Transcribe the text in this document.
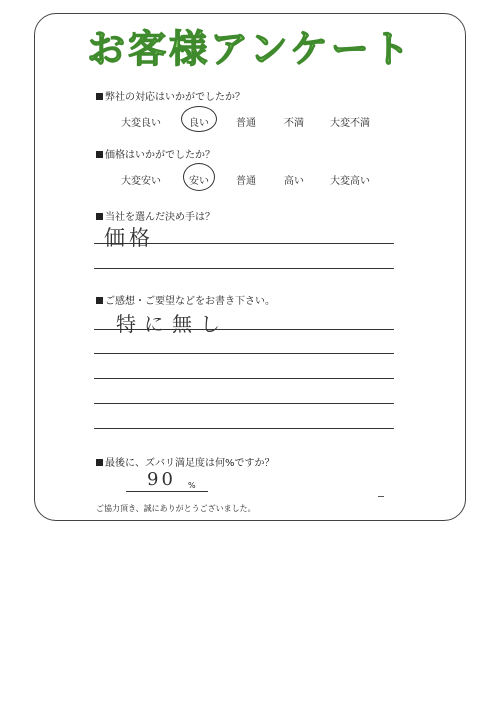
お客様アンケート
弊社の対応はいかがでしたか？
大変良い	良い	普通	不満	大変不満
価格はいかがでしたか？
大変安い	安い	普通	高い	大変高い
当社を選んだ決め手は？
価格
ご感想・ご要望などをお書き下さい。
特に無し
最後に、ズバリ満足度は何%ですか？
90 %
ご協力頂き、誠にありがとうございました。
